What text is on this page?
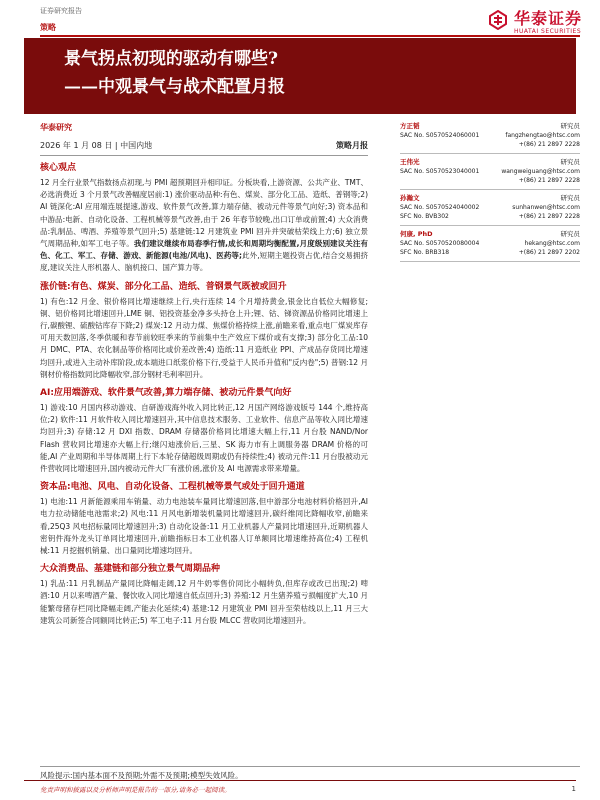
证券研究报告	华泰证券
HUATAI SECURITIES
策略
景气拐点初现的驱动有哪些?
——中观景气与战术配置月报
华泰研究
2026 年 1 月 08 日 | 中国内地	策略月报
核心观点

12 月全行业景气指数扬点初现,与 PMI 超预期回升相印证。分板块看,上游资源、公共产业、TMT、必选消费近 3 个月景气改善幅度居前:1) 涨价驱动品种:有色、煤炭、部分化工品、造纸、普钢等;2) AI 链深化:AI 应用端连展提速,游戏、软件景气改善,算力端存储、被动元件等景气向好;3) 资本品和中游品:电新、自动化设备、工程机械等景气改善,由于 26 年春节较晚,出口订单或前置;4) 大众消费品:乳制品、啤酒、养殖等景气回升;5) 基建链:12 月建筑业 PMI 回升并突破枯荣线上方;6) 独立景气周期品种,如军工电子等。我们建议继续布局春季行情,成长和周期均衡配置,月度级别建议关注有色、化工、军工、存储、游戏、新能源(电池/风电)、医药等;此外,短期主题投资占优,结合交易拥挤度,建议关注人形机器人、脑机接口、国产算力等。

涨价链:有色、煤炭、部分化工品、造纸、普钢景气既被或回升

1) 有色:12 月金、银价格同比增速继续上行,央行连续 14 个月增持黄金,银金比自低位大幅修复;铜、铝价格同比增速回升,LME 铜、铝投资基金净多头持仓上升;锂、钴、锑资源品价格同比增速上行,碳酸锂、硫酸钴库存下降;2) 煤炭:12 月动力煤、焦煤价格持续上涨,前瞻来看,重点电厂煤炭库存可用天数回落,冬季供暖和春节前较旺季来的节前集中生产效应下煤价或有支撑;3) 部分化工品:10 月 DMC、PTA、农化制品等价格同比或价差改善;4) 造纸:11 月造纸业 PPI、产成品存货同比增速均回升,或进入主动补库阶段,成本端进口纸浆价格下行,受益于人民币升值和"反内卷";5) 普钢:12 月钢材价格指数同比降幅收窄,部分钢材毛利率回升。

AI:应用端游戏、软件景气改善,算力端存储、被动元件景气向好

1) 游戏:10 月国内移动游戏、自研游戏海外收入同比转正,12 月国产网络游戏版号 144 个,维持高位;2) 软件:11 月软件收入同比增速回升,其中信息技术服务、工业软件、信息产品等收入同比增速均回升;3) 存储:12 月 DXI 指数、DRAM 存储器价格同比增速大幅上行,11 月台股 NAND/Nor Flash 营收同比增速亦大幅上行;继闪迪涨价后,三星、SK 海力市有上调服务器 DRAM 价格的可能,AI 产业周期和半导体周期上行下本轮存储超级周期或仍有持续性;4) 被动元件:11 月台股被动元件营收同比增速回升,国内被动元件大厂有涨价函,涨价及 AI 电源需求带来增量。

资本品:电池、风电、自动化设备、工程机械等景气或处于回升通道

1) 电池:11 月新能源乘用车销量、动力电池装车量同比增速回落,但中游部分电池材料价格回升,AI 电力拉动储能电池需求;2) 风电:11 月风电新增装机量同比增速回升,碳纤维同比降幅收窄,前瞻来看,25Q3 风电招标量同比增速回升;3) 自动化设备:11 月工业机器人产量同比增速回升,近期机器人密钥件海外龙头订单同比增速回升,前瞻指标日本工业机器人订单额同比增速维持高位;4) 工程机械:11 月挖掘机销量、出口量同比增速均回升。

大众消费品、基建链和部分独立景气周期品种

1) 乳品:11 月乳制品产量同比降幅走阔,12 月牛奶零售价同比小幅转负,但库存或改已出现;2) 啤酒:10 月以来啤酒产量、餐饮收入同比增速自低点回升;3) 养殖:12 月生猪养殖亏损幅度扩大,10 月能繁母猪存栏同比降幅走阔,产能去化延续;4) 基建:12 月建筑业 PMI 回升至荣枯线以上,11 月三大建筑公司新签合同额同比转正;5) 军工电子:11 月台股 MLCC 营收同比增速回升。

方正韬	研究员
SAC No. S0570524060001	fangzhengtao@htsc.com
+(86) 21 2897 2228
王伟光	研究员
SAC No. S0570523040001	wangweiguang@htsc.com
+(86) 21 2897 2228
孙瀚文	研究员
SAC No. S0570524040002	sunhanwen@htsc.com
SFC No. BVB302	+(86) 21 2897 2228
何康, PhD	研究员
SAC No. S0570520080004	hekang@htsc.com
SFC No. BRB318	+(86) 21 2897 2202
风险提示:国内基本面不及预期;外需不及预期;模型失效风险。
免责声明和披露以及分析师声明是报告的一部分,请务必一起阅读。	1
